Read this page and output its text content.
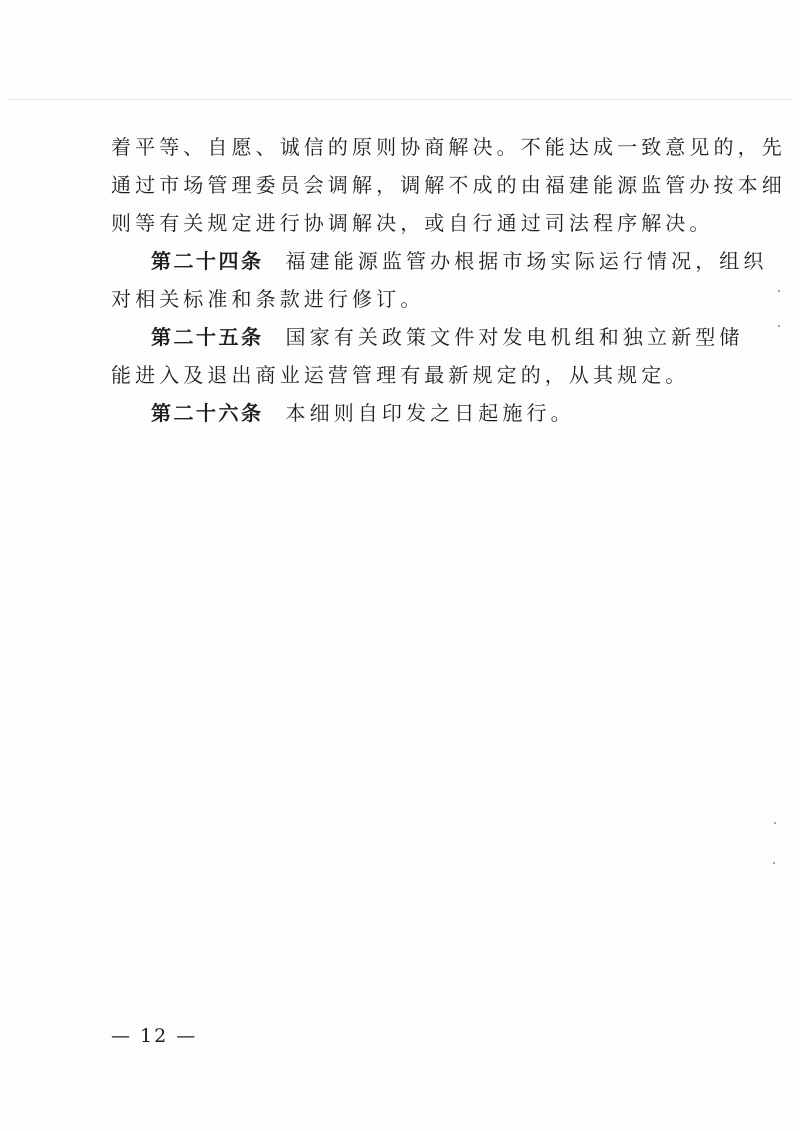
着平等、自愿、诚信的原则协商解决。不能达成一致意见的，先
通过市场管理委员会调解，调解不成的由福建能源监管办按本细
则等有关规定进行协调解决，或自行通过司法程序解决。
第二十四条 福建能源监管办根据市场实际运行情况，组织
对相关标准和条款进行修订。
第二十五条 国家有关政策文件对发电机组和独立新型储
能进入及退出商业运营管理有最新规定的，从其规定。
第二十六条 本细则自印发之日起施行。
— 12 —
